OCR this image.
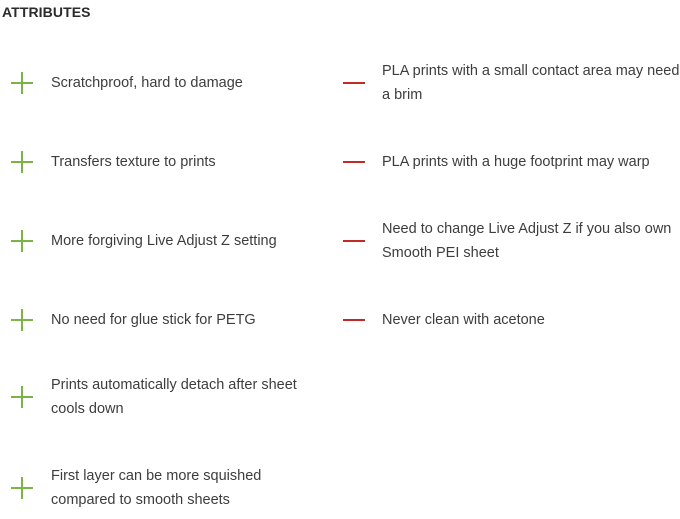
ATTRIBUTES
Scratchproof, hard to damage
Transfers texture to prints
More forgiving Live Adjust Z setting
No need for glue stick for PETG
Prints automatically detach after sheet cools down
First layer can be more squished compared to smooth sheets
PLA prints with a small contact area may need a brim
PLA prints with a huge footprint may warp
Need to change Live Adjust Z if you also own Smooth PEI sheet
Never clean with acetone
